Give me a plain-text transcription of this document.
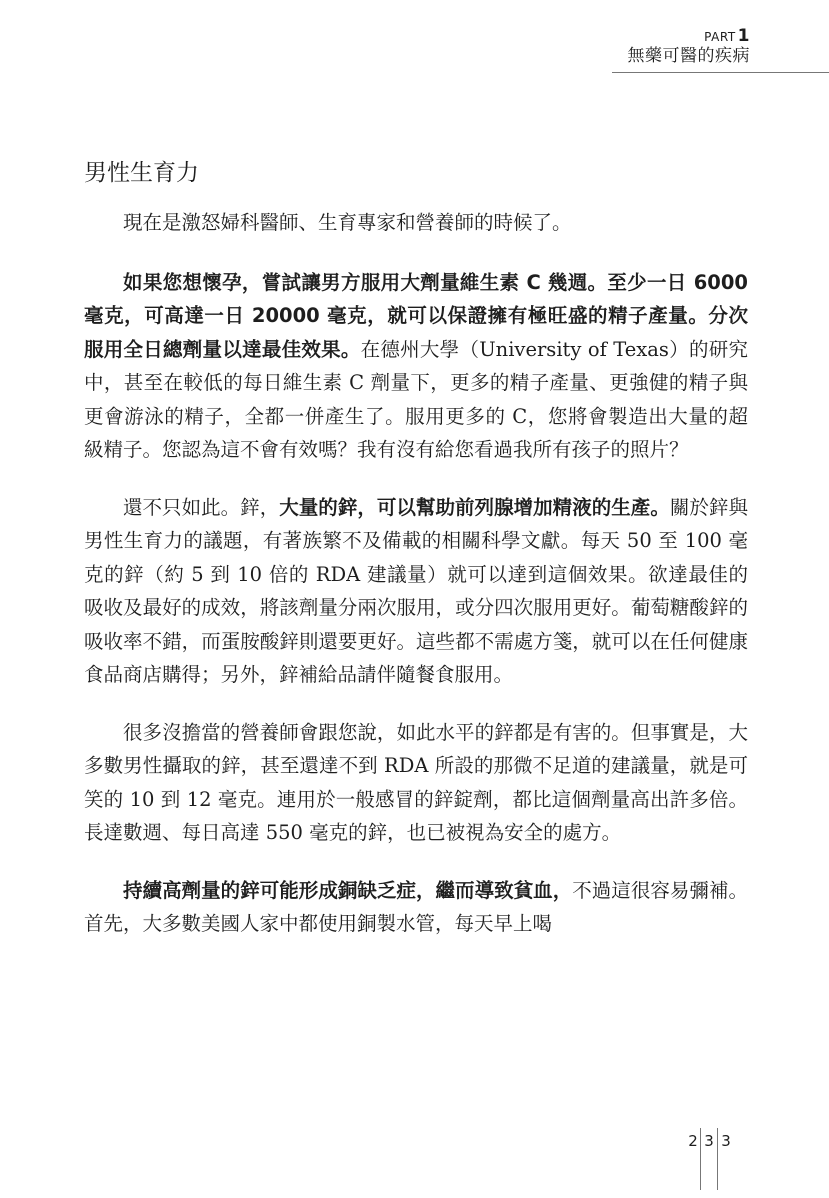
PART 1
無藥可醫的疾病
男性生育力

現在是激怒婦科醫師、生育專家和營養師的時候了。

如果您想懷孕，嘗試讓男方服用大劑量維生素 C 幾週。至少一日 6000 毫克，可高達一日 20000 毫克，就可以保證擁有極旺盛的精子產量。分次服用全日總劑量以達最佳效果。在德州大學（University of Texas）的研究中，甚至在較低的每日維生素 C 劑量下，更多的精子產量、更強健的精子與更會游泳的精子，全都一併產生了。服用更多的 C，您將會製造出大量的超級精子。您認為這不會有效嗎？我有沒有給您看過我所有孩子的照片？

還不只如此。鋅，大量的鋅，可以幫助前列腺增加精液的生產。關於鋅與男性生育力的議題，有著族繁不及備載的相關科學文獻。每天 50 至 100 毫克的鋅（約 5 到 10 倍的 RDA 建議量）就可以達到這個效果。欲達最佳的吸收及最好的成效，將該劑量分兩次服用，或分四次服用更好。葡萄糖酸鋅的吸收率不錯，而蛋胺酸鋅則還要更好。這些都不需處方箋，就可以在任何健康食品商店購得；另外，鋅補給品請伴隨餐食服用。

很多沒擔當的營養師會跟您說，如此水平的鋅都是有害的。但事實是，大多數男性攝取的鋅，甚至還達不到 RDA 所設的那微不足道的建議量，就是可笑的 10 到 12 毫克。連用於一般感冒的鋅錠劑，都比這個劑量高出許多倍。長達數週、每日高達 550 毫克的鋅，也已被視為安全的處方。

持續高劑量的鋅可能形成銅缺乏症，繼而導致貧血，不過這很容易彌補。首先，大多數美國人家中都使用銅製水管，每天早上喝

2 3 3
